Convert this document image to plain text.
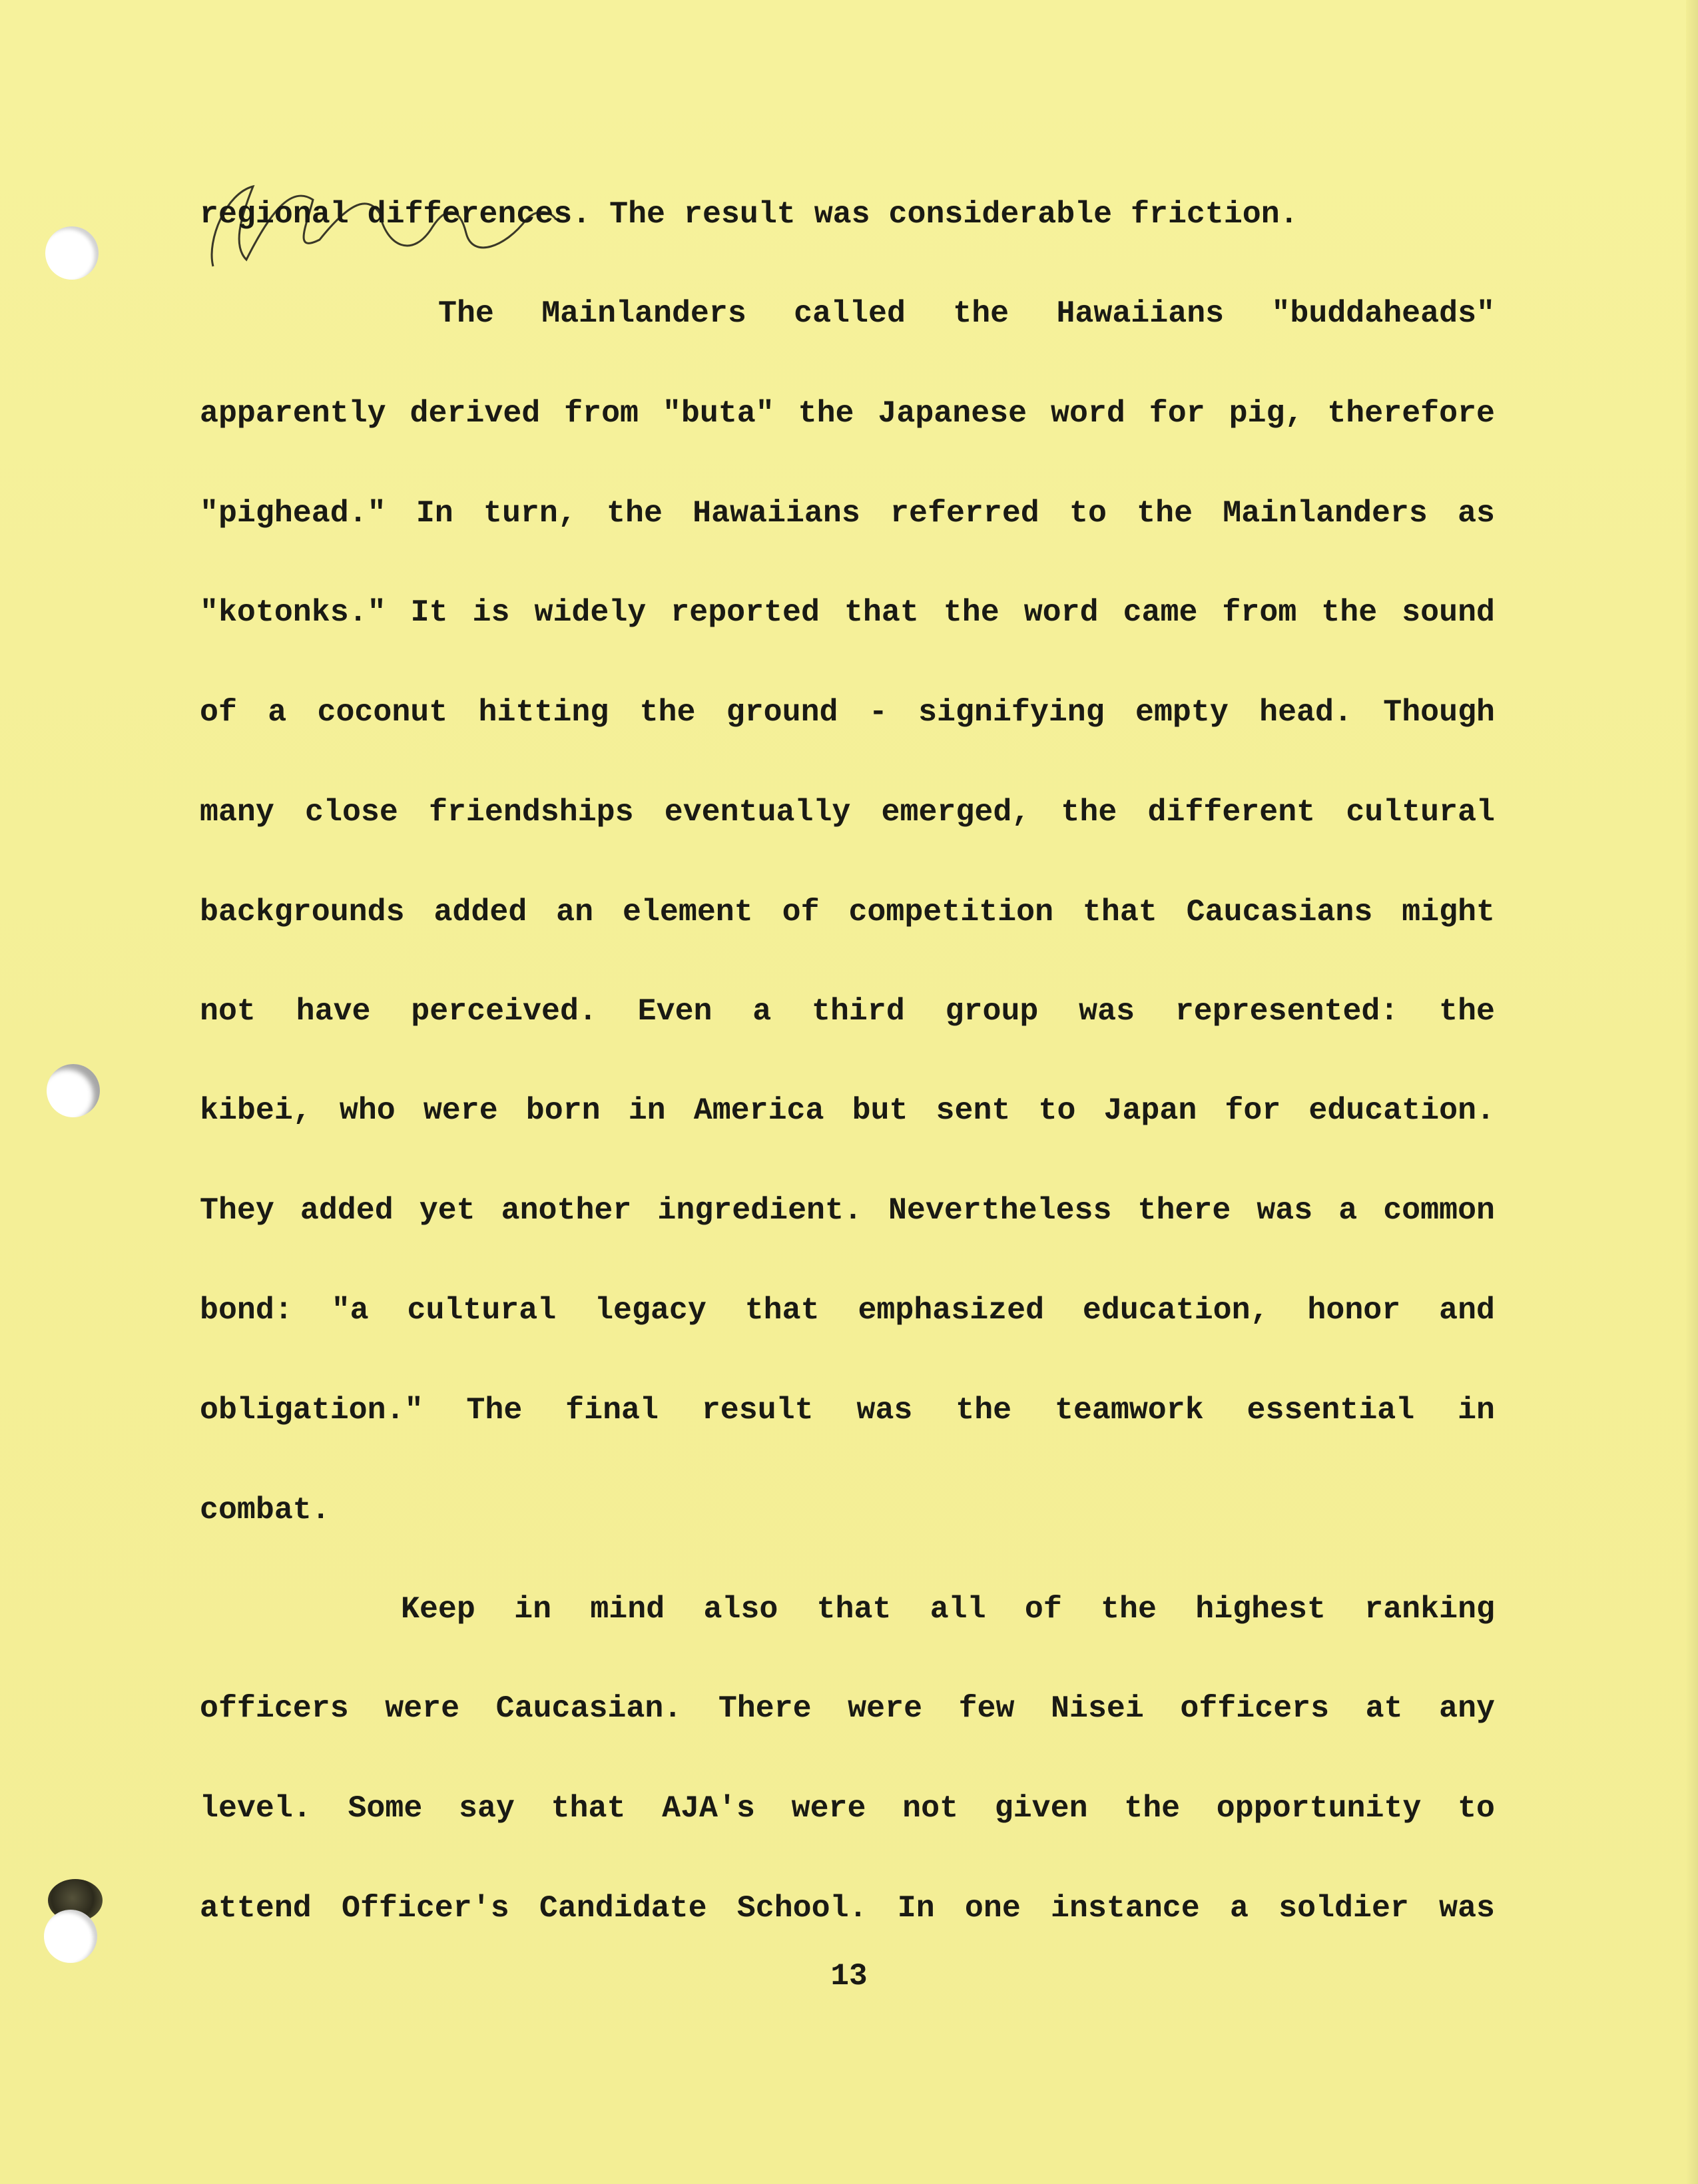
regional differences. The result was considerable friction.
The Mainlanders called the Hawaiians "buddaheads"
apparently derived from "buta" the Japanese word for pig, therefore
"pighead." In turn, the Hawaiians referred to the Mainlanders as
"kotonks." It is widely reported that the word came from the sound
of a coconut hitting the ground - signifying empty head. Though
many close friendships eventually emerged, the different cultural
backgrounds added an element of competition that Caucasians might
not have perceived. Even a third group was represented: the
kibei, who were born in America but sent to Japan for education.
They added yet another ingredient. Nevertheless there was a common
bond: "a cultural legacy that emphasized education, honor and
obligation." The final result was the teamwork essential in
combat.
Keep in mind also that all of the highest ranking
officers were Caucasian. There were few Nisei officers at any
level. Some say that AJA's were not given the opportunity to
attend Officer's Candidate School. In one instance a soldier was
13
